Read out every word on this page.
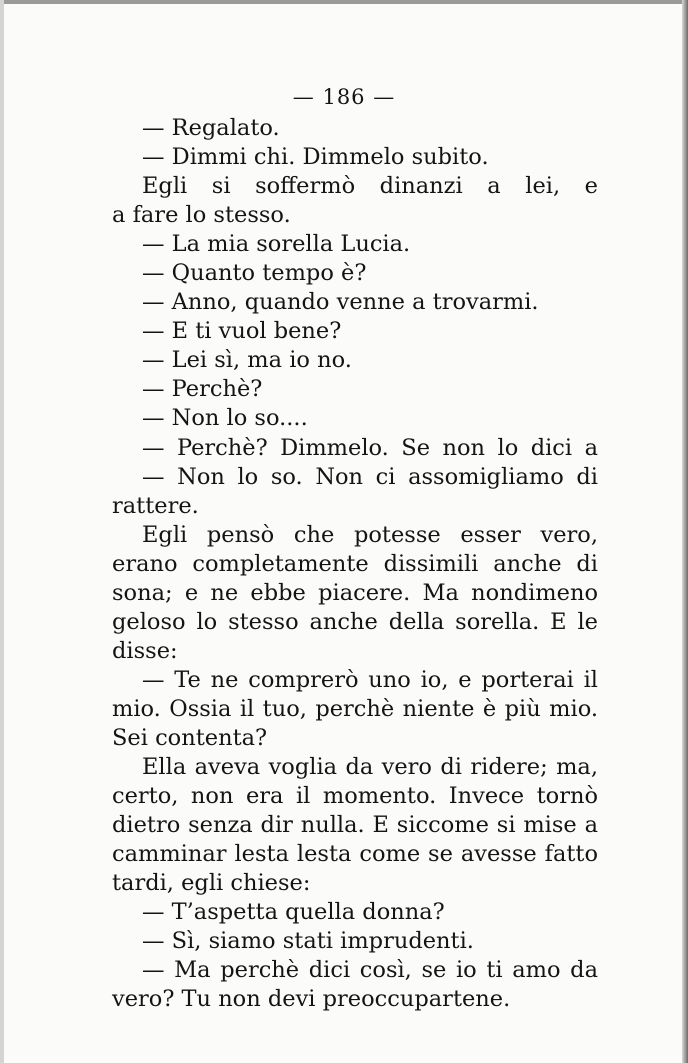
— 186 —
— Regalato.
— Dimmi chi. Dimmelo subito.
Egli si soffermò dinanzi a lei, e
a fare lo stesso.
— La mia sorella Lucia.
— Quanto tempo è?
— Anno, quando venne a trovarmi.
— E ti vuol bene?
— Lei sì, ma io no.
— Perchè?
— Non lo so....
— Perchè? Dimmelo. Se non lo dici a
— Non lo so. Non ci assomigliamo di
rattere.
Egli pensò che potesse esser vero,
erano completamente dissimili anche di
sona; e ne ebbe piacere. Ma nondimeno
geloso lo stesso anche della sorella. E le
disse:
— Te ne comprerò uno io, e porterai il
mio. Ossia il tuo, perchè niente è più mio.
Sei contenta?
Ella aveva voglia da vero di ridere; ma,
certo, non era il momento. Invece tornò
dietro senza dir nulla. E siccome si mise a
camminar lesta lesta come se avesse fatto
tardi, egli chiese:
— T’aspetta quella donna?
— Sì, siamo stati imprudenti.
— Ma perchè dici così, se io ti amo da
vero? Tu non devi preoccupartene.
